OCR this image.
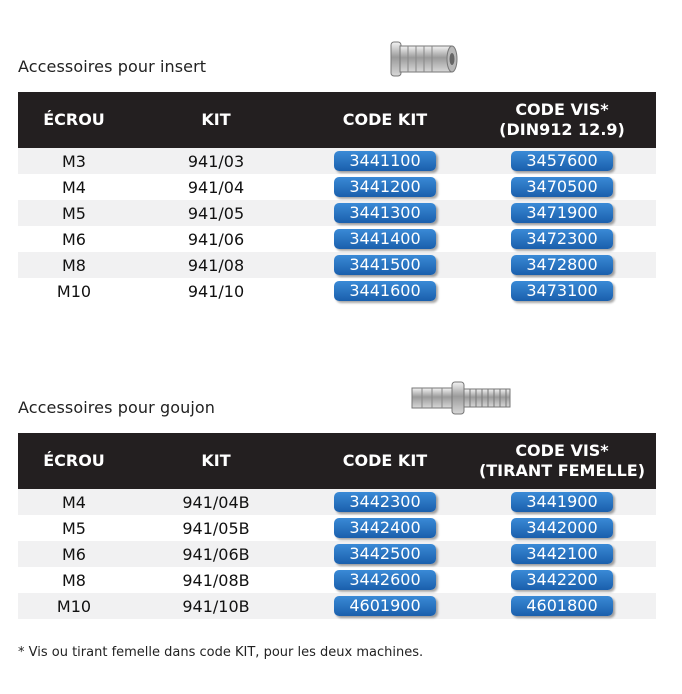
Accessoires pour insert
ÉCROU	KIT	CODE KIT	CODE VIS*
(DIN912 12.9)

M3	941/03	3441100	3457600
M4	941/04	3441200	3470500
M5	941/05	3441300	3471900
M6	941/06	3441400	3472300
M8	941/08	3441500	3472800
M10	941/10	3441600	3473100
Accessoires pour goujon
ÉCROU	KIT	CODE KIT	CODE VIS*
(TIRANT FEMELLE)

M4	941/04B	3442300	3441900
M5	941/05B	3442400	3442000
M6	941/06B	3442500	3442100
M8	941/08B	3442600	3442200
M10	941/10B	4601900	4601800
* Vis ou tirant femelle dans code KIT, pour les deux machines.
